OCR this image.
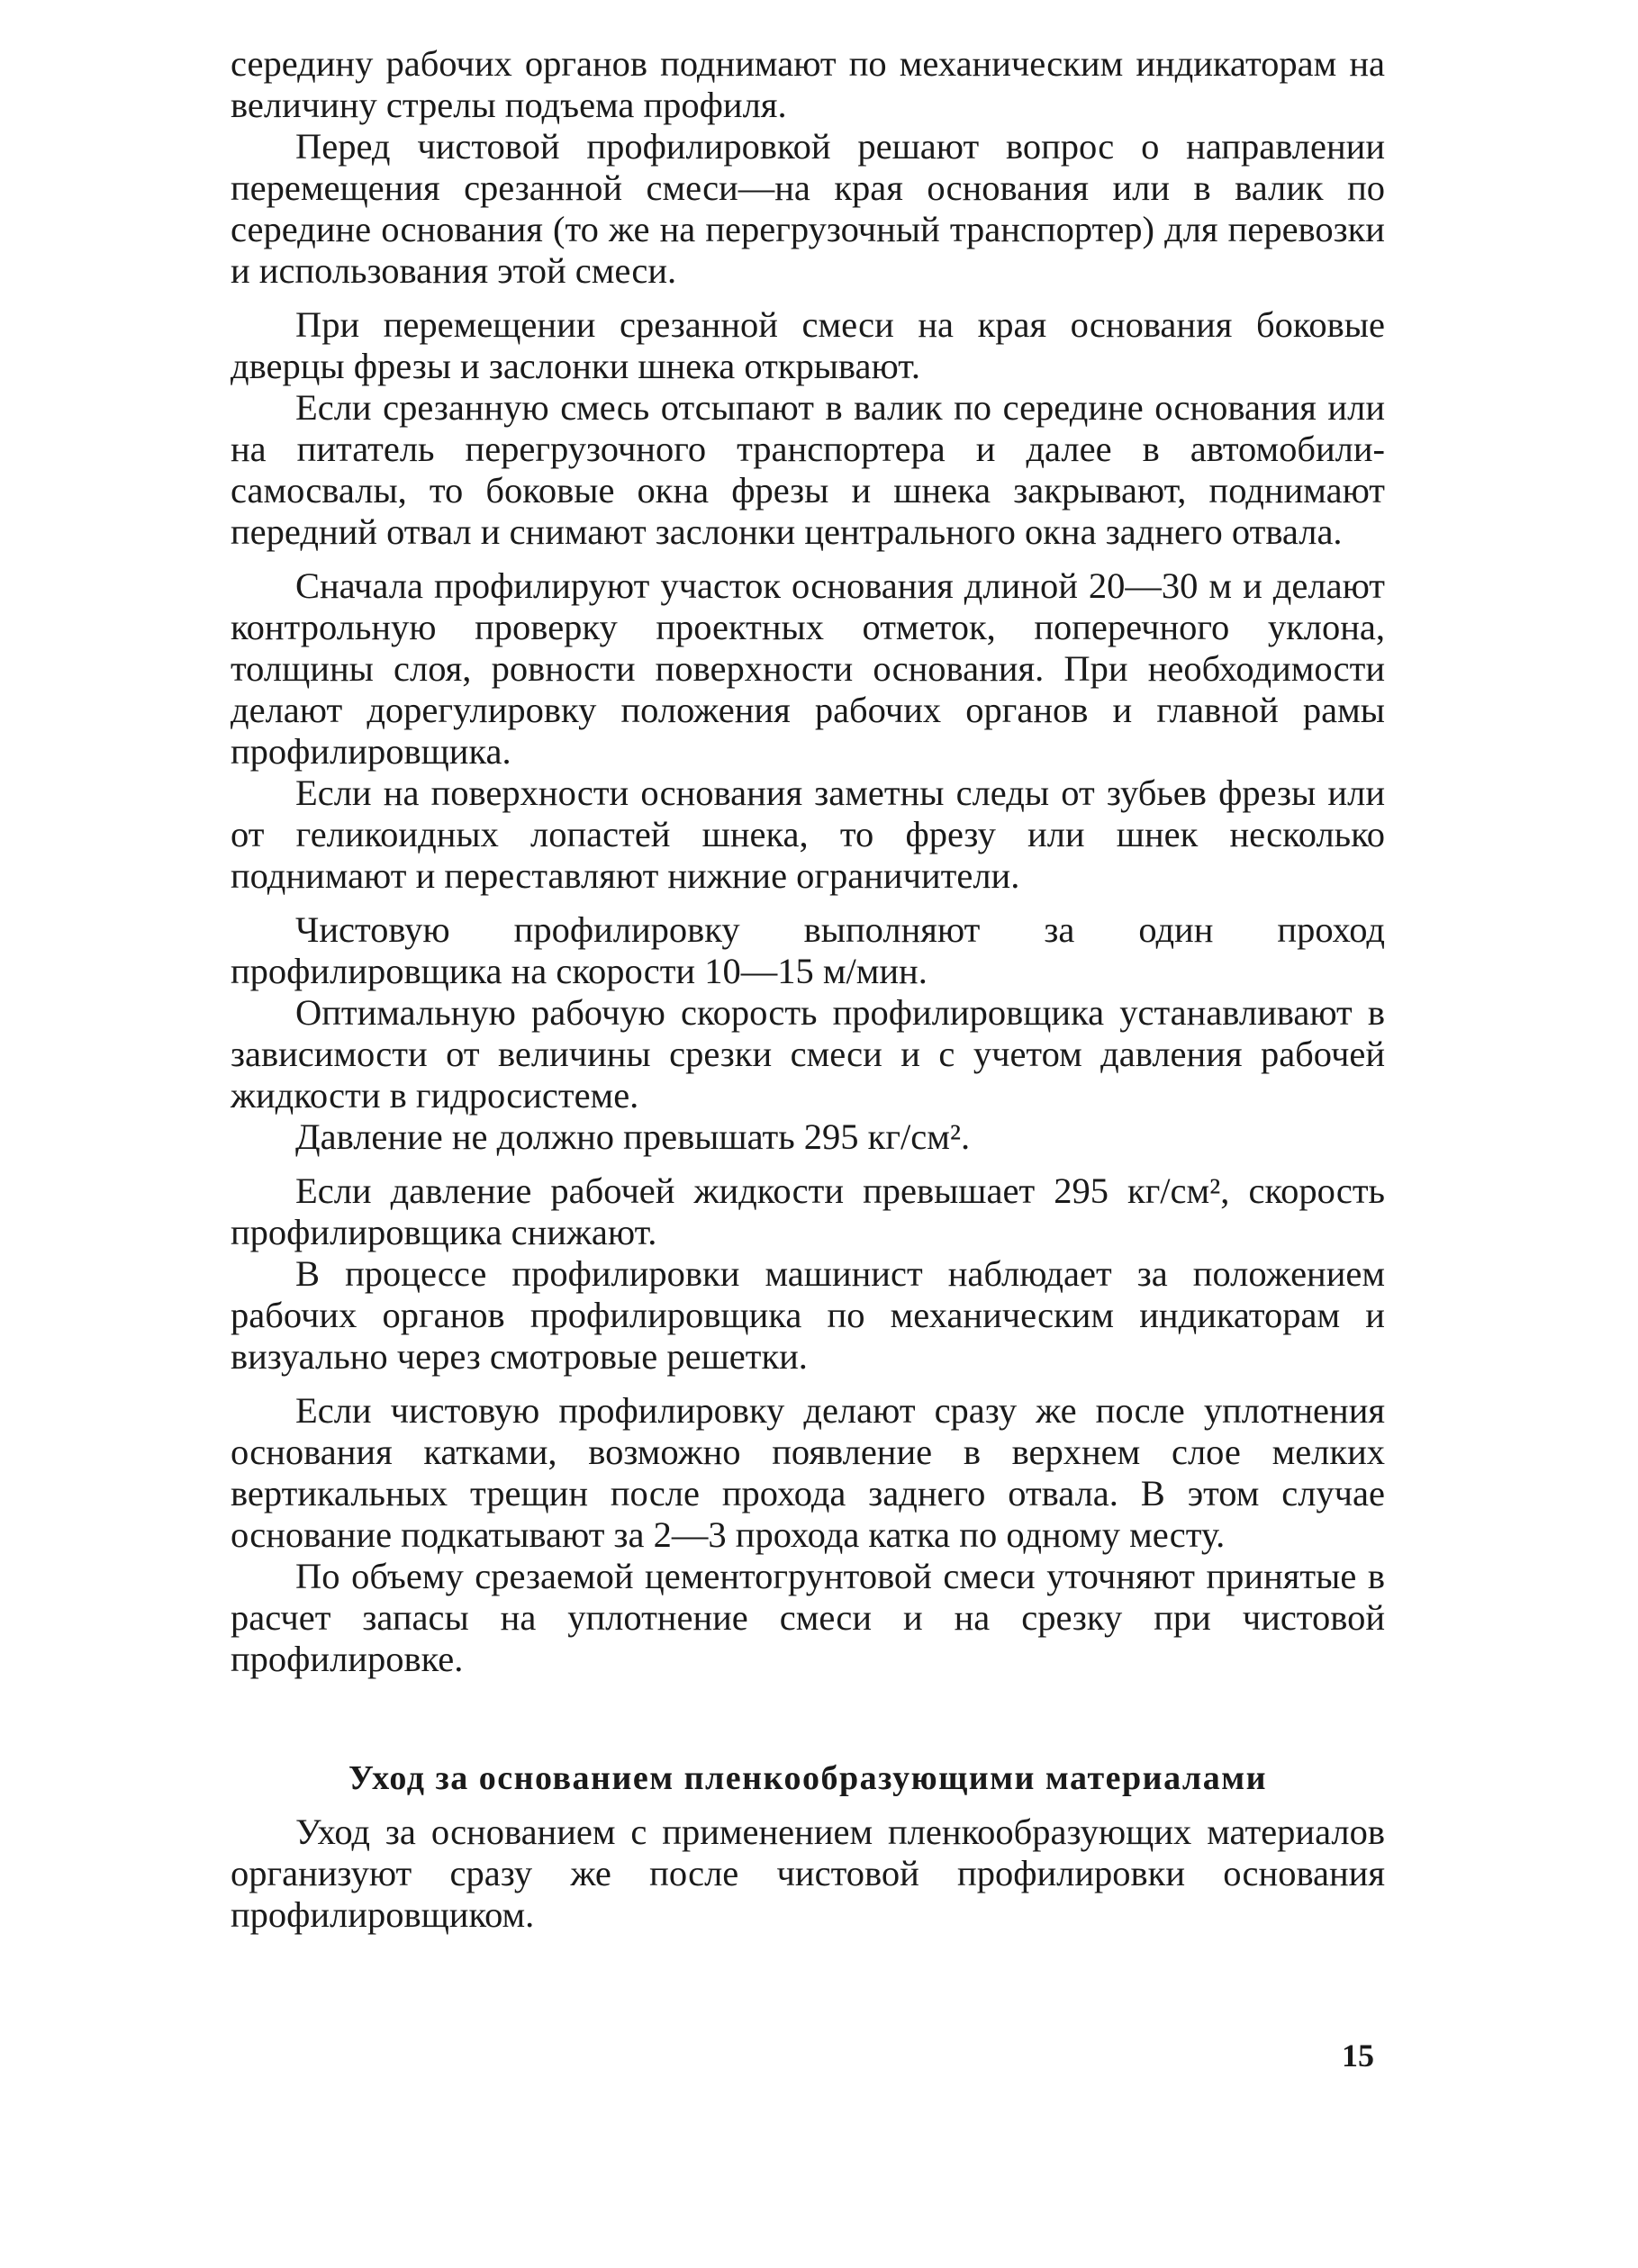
середину рабочих органов поднимают по механическим индикаторам на величину стрелы подъема профиля.

Перед чистовой профилировкой решают вопрос о направлении перемещения срезанной смеси—на края основания или в валик по середине основания (то же на перегрузочный транспортер) для перевозки и использования этой смеси.

При перемещении срезанной смеси на края основания боковые дверцы фрезы и заслонки шнека открывают.

Если срезанную смесь отсыпают в валик по середине основания или на питатель перегрузочного транспортера и далее в автомобили-самосвалы, то боковые окна фрезы и шнека закрывают, поднимают передний отвал и снимают заслонки центрального окна заднего отвала.

Сначала профилируют участок основания длиной 20—30 м и делают контрольную проверку проектных отметок, поперечного уклона, толщины слоя, ровности поверхности основания. При необходимости делают дорегулировку положения рабочих органов и главной рамы профилировщика.

Если на поверхности основания заметны следы от зубьев фрезы или от геликоидных лопастей шнека, то фрезу или шнек несколько поднимают и переставляют нижние ограничители.

Чистовую профилировку выполняют за один проход профилировщика на скорости 10—15 м/мин.

Оптимальную рабочую скорость профилировщика устанавливают в зависимости от величины срезки смеси и с учетом давления рабочей жидкости в гидросистеме.

Давление не должно превышать 295 кг/см².

Если давление рабочей жидкости превышает 295 кг/см², скорость профилировщика снижают.

В процессе профилировки машинист наблюдает за положением рабочих органов профилировщика по механическим индикаторам и визуально через смотровые решетки.

Если чистовую профилировку делают сразу же после уплотнения основания катками, возможно появление в верхнем слое мелких вертикальных трещин после прохода заднего отвала. В этом случае основание подкатывают за 2—3 прохода катка по одному месту.

По объему срезаемой цементогрунтовой смеси уточняют принятые в расчет запасы на уплотнение смеси и на срезку при чистовой профилировке.

Уход за основанием пленкообразующими материалами

Уход за основанием с применением пленкообразующих материалов организуют сразу же после чистовой профилировки основания профилировщиком.

15
